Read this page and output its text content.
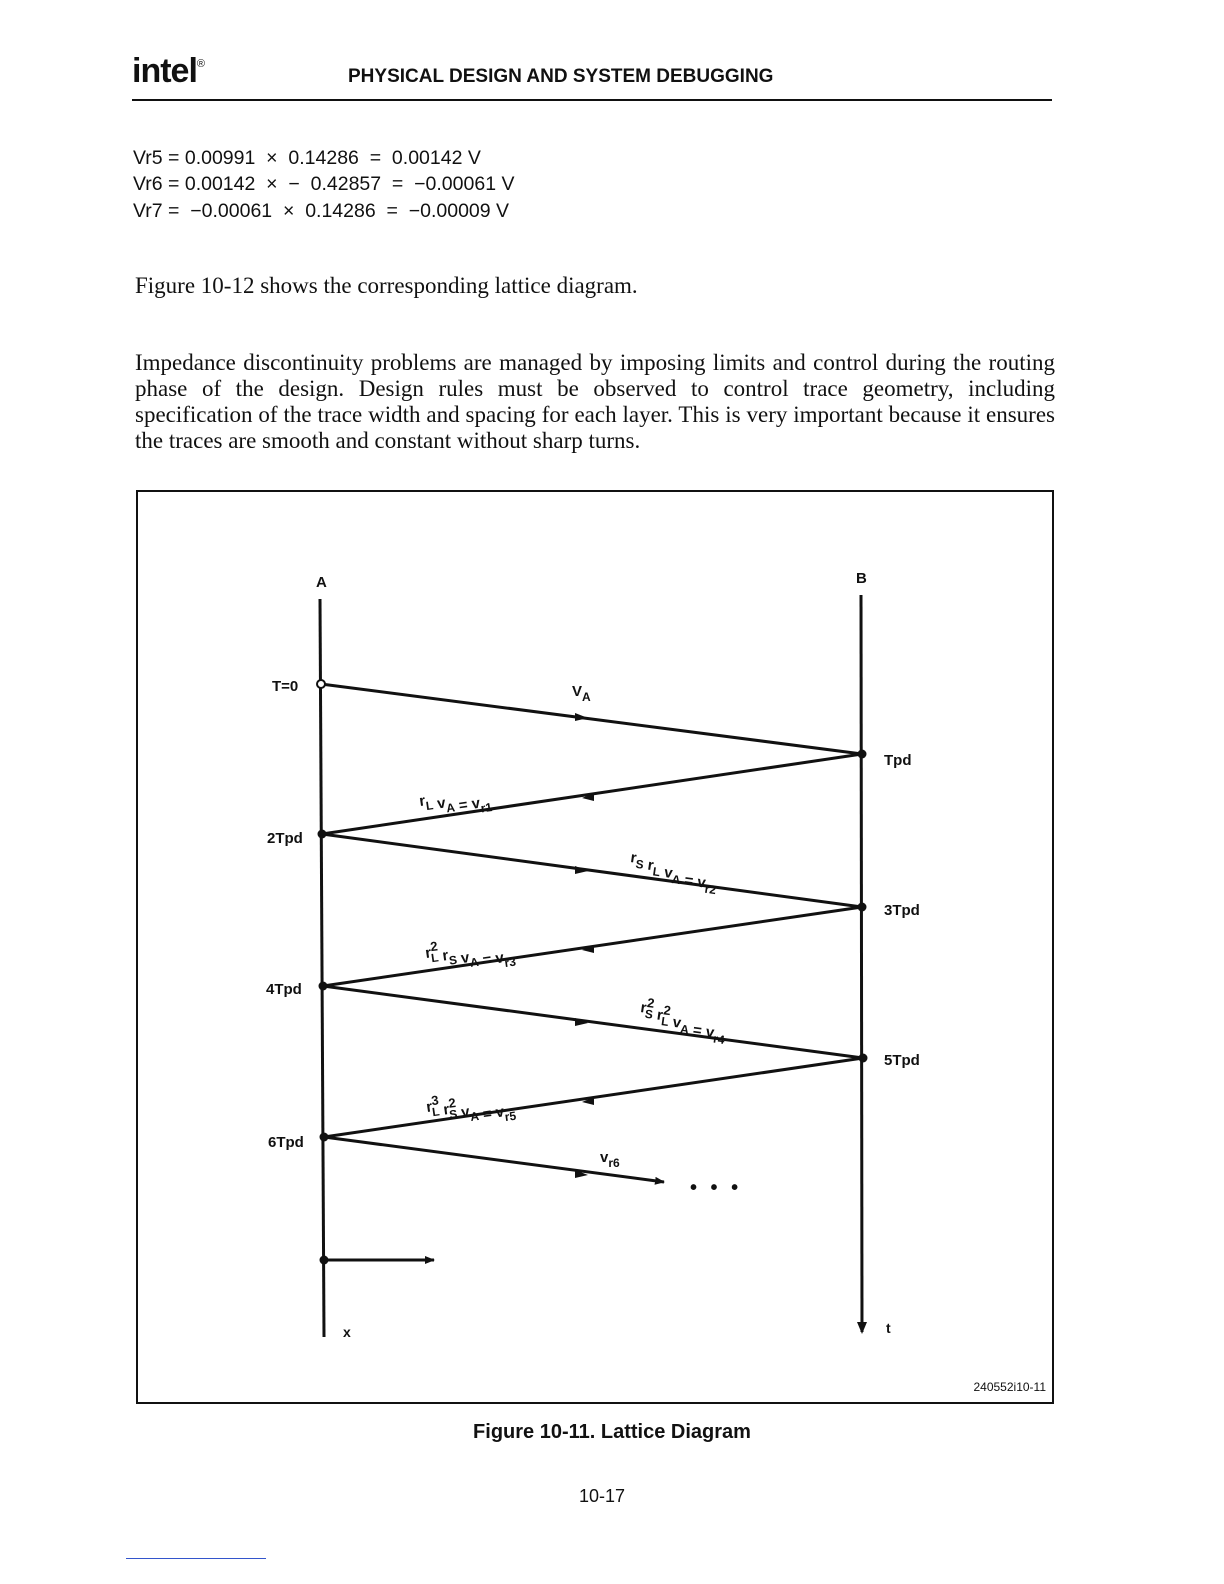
intel®
PHYSICAL DESIGN AND SYSTEM DEBUGGING
Vr5 = 0.00991  ×  0.14286  =  0.00142 V
Vr6 = 0.00142  ×  −  0.42857  =  −0.00061 V
Vr7 =  −0.00061  ×  0.14286  =  −0.00009 V
Figure 10-12 shows the corresponding lattice diagram.
Impedance discontinuity problems are managed by imposing limits and control during the routing phase of the design. Design rules must be observed to control trace geometry, including specification of the trace width and spacing for each layer. This is very important because it ensures the traces are smooth and constant without sharp turns.
A	B
x	t
T=0
2Tpd
4Tpd
6Tpd
Tpd
3Tpd
5Tpd
$V_A$
$r_L$ $v_A = v_{r1}$
$r_S$ $r_L$ $v_A = v_{r2}$
r2L $r_S$ $v_A = v_{r3}$
r2S r2L $v_A = v_{r4}$
r3L r2S $v_A = v_{r5}$
$v_{r6}$
• • •
240552i10-11
Figure 10-11. Lattice Diagram
10-17
